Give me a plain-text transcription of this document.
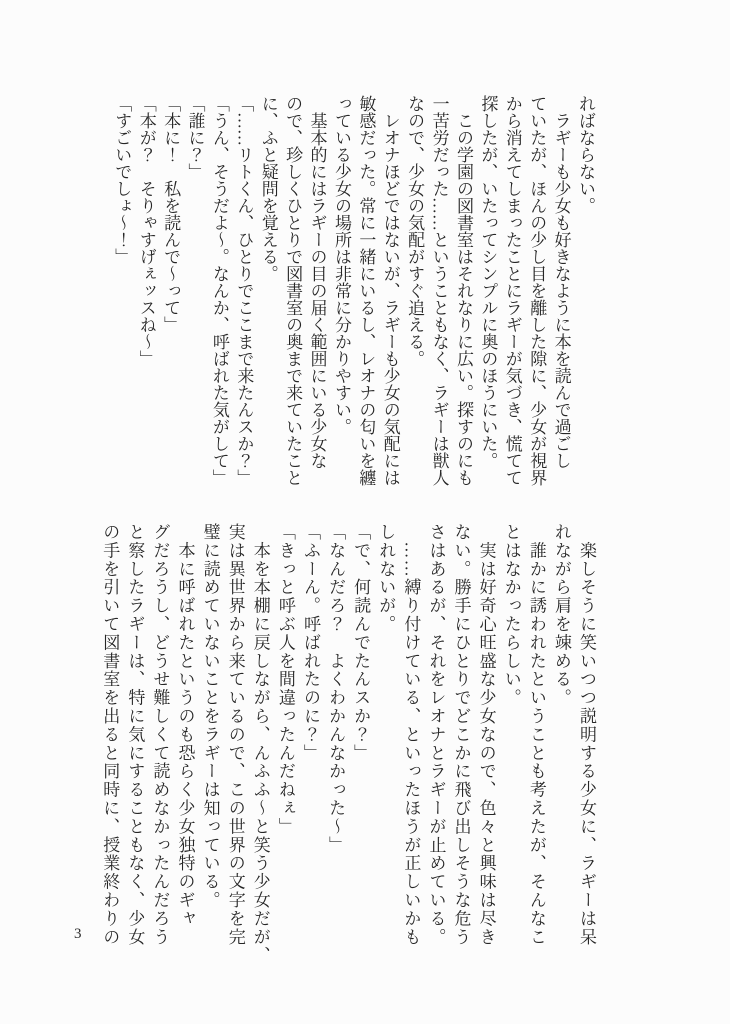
ればならない。
　ラギーも少女も好きなように本を読んで過ごし
ていたが、ほんの少し目を離した隙に、少女が視界
から消えてしまったことにラギーが気づき、慌てて
探したが、いたってシンプルに奥のほうにいた。
　この学園の図書室はそれなりに広い。探すのにも
一苦労だった……ということもなく、ラギーは獣人
なので、少女の気配がすぐ追える。
　レオナほどではないが、ラギーも少女の気配には
敏感だった。常に一緒にいるし、レオナの匂いを纏
っている少女の場所は非常に分かりやすい。
　基本的にはラギーの目の届く範囲にいる少女な
ので、珍しくひとりで図書室の奥まで来ていたこと
に、ふと疑問を覚える。
「……リトくん、ひとりでここまで来たんスか？」
「うん、そうだよ〜。なんか、呼ばれた気がして」
「誰に？」
「本に！　私を読んで〜って」
「本が？　そりゃすげぇッスね〜」
「すごいでしょ〜！」
　楽しそうに笑いつつ説明する少女に、ラギーは呆
れながら肩を竦める。
　誰かに誘われたということも考えたが、そんなこ
とはなかったらしい。
　実は好奇心旺盛な少女なので、色々と興味は尽き
ない。勝手にひとりでどこかに飛び出しそうな危う
さはあるが、それをレオナとラギーが止めている。
　……縛り付けている、といったほうが正しいかも
しれないが。
「で、何読んでたんスか？」
「なんだろ？　よくわかんなかった〜」
「ふーん。呼ばれたのに？」
「きっと呼ぶ人を間違ったんだねぇ」
　本を本棚に戻しながら、んふふ〜と笑う少女だが、
実は異世界から来ているので、この世界の文字を完
璧に読めていないことをラギーは知っている。
　本に呼ばれたというのも恐らく少女独特のギャ
グだろうし、どうせ難しくて読めなかったんだろう
と察したラギーは、特に気にすることもなく、少女
の手を引いて図書室を出ると同時に、授業終わりの
3
